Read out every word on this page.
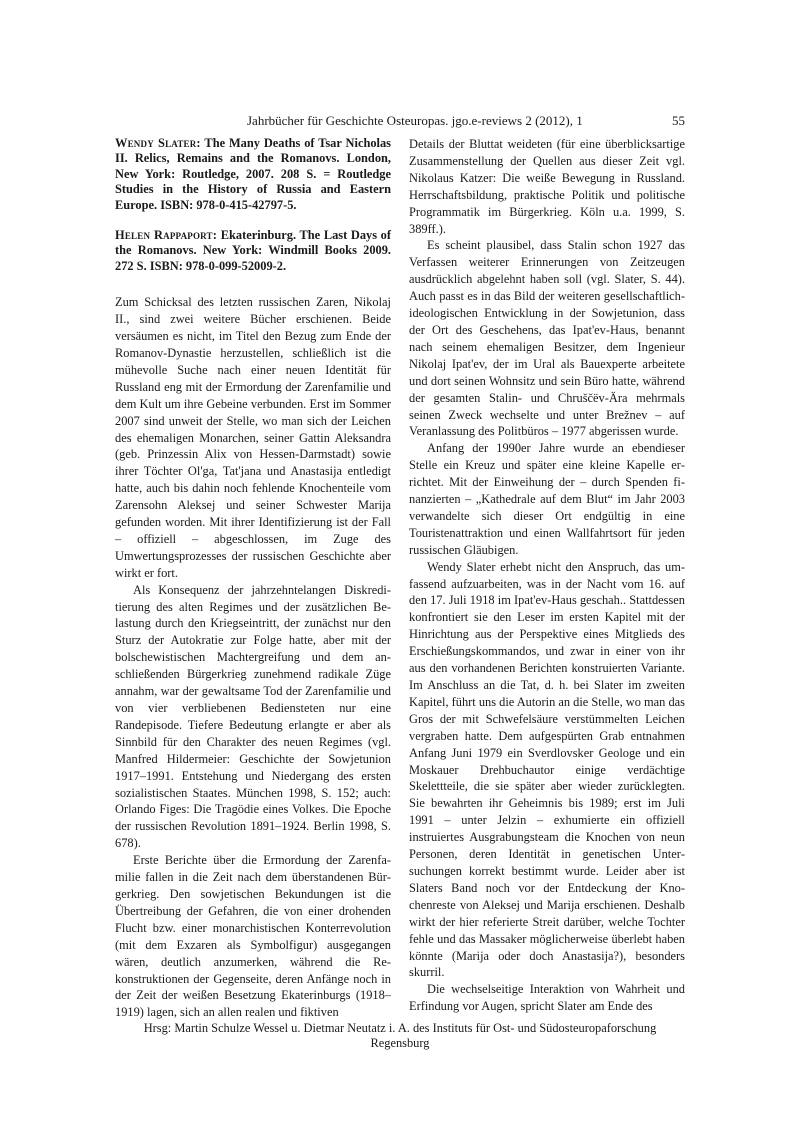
Jahrbücher für Geschichte Osteuropas. jgo.e-reviews 2 (2012), 1	55
Wendy Slater: The Many Deaths of Tsar Nicholas II. Relics, Remains and the Romanovs. London, New York: Routledge, 2007. 208 S. = Routledge Studies in the History of Russia and Eastern Europe. ISBN: 978-0-415-42797-5.
Helen Rappaport: Ekaterinburg. The Last Days of the Romanovs. New York: Windmill Books 2009. 272 S. ISBN: 978-0-099-52009-2.

Zum Schicksal des letzten russischen Zaren, Nikolaj II., sind zwei weitere Bücher erschienen. Beide versäumen es nicht, im Titel den Bezug zum Ende der Romanov-Dynastie herzustellen, schließlich ist die mühevolle Suche nach einer neuen Identität für Russland eng mit der Ermordung der Zarenfamilie und dem Kult um ihre Gebeine verbunden. Erst im Sommer 2007 sind unweit der Stelle, wo man sich der Leichen des ehemaligen Monarchen, seiner Gattin Aleksandra (geb. Prinzessin Alix von Hessen-Darmstadt) sowie ihrer Töchter Ol'ga, Tat'jana und Anastasija entledigt hatte, auch bis dahin noch fehlende Knochenteile vom Zarensohn Aleksej und seiner Schwester Marija gefunden worden. Mit ihrer Identifizierung ist der Fall – offiziell – abgeschlossen, im Zuge des Umwertungsprozesses der russischen Geschichte aber wirkt er fort.

Als Konsequenz der jahrzehntelangen Diskreditierung des alten Regimes und der zusätzlichen Belastung durch den Kriegseintritt, der zunächst nur den Sturz der Autokratie zur Folge hatte, aber mit der bolschewistischen Machtergreifung und dem anschließenden Bürgerkrieg zunehmend radikale Züge annahm, war der gewaltsame Tod der Zarenfamilie und von vier verbliebenen Bediensteten nur eine Randepisode. Tiefere Bedeutung erlangte er aber als Sinnbild für den Charakter des neuen Regimes (vgl. Manfred Hildermeier: Geschichte der Sowjetunion 1917–1991. Entstehung und Niedergang des ersten sozialistischen Staates. München 1998, S. 152; auch: Orlando Figes: Die Tragödie eines Volkes. Die Epoche der russischen Revolution 1891–1924. Berlin 1998, S. 678).

Erste Berichte über die Ermordung der Zarenfamilie fallen in die Zeit nach dem überstandenen Bürgerkrieg. Den sowjetischen Bekundungen ist die Übertreibung der Gefahren, die von einer drohenden Flucht bzw. einer monarchistischen Konterrevolution (mit dem Exzaren als Symbolfigur) ausgegangen wären, deutlich anzumerken, während die Rekonstruktionen der Gegenseite, deren Anfänge noch in der Zeit der weißen Besetzung Ekaterinburgs (1918–1919) lagen, sich an allen realen und fiktiven

Details der Bluttat weideten (für eine überblicksartige Zusammenstellung der Quellen aus dieser Zeit vgl. Nikolaus Katzer: Die weiße Bewegung in Russland. Herrschaftsbildung, praktische Politik und politische Programmatik im Bürgerkrieg. Köln u.a. 1999, S. 389ff.).

Es scheint plausibel, dass Stalin schon 1927 das Verfassen weiterer Erinnerungen von Zeitzeugen ausdrücklich abgelehnt haben soll (vgl. Slater, S. 44). Auch passt es in das Bild der weiteren gesellschaftlich-ideologischen Entwicklung in der Sowjetunion, dass der Ort des Geschehens, das Ipat'ev-Haus, benannt nach seinem ehemaligen Besitzer, dem Ingenieur Nikolaj Ipat'ev, der im Ural als Bauexperte arbeitete und dort seinen Wohnsitz und sein Büro hatte, während der gesamten Stalin- und Chruščëv-Ära mehrmals seinen Zweck wechselte und unter Brežnev – auf Veranlassung des Politbüros – 1977 abgerissen wurde.

Anfang der 1990er Jahre wurde an ebendieser Stelle ein Kreuz und später eine kleine Kapelle errichtet. Mit der Einweihung der – durch Spenden finanzierten – „Kathedrale auf dem Blut“ im Jahr 2003 verwandelte sich dieser Ort endgültig in eine Touristenattraktion und einen Wallfahrtsort für jeden russischen Gläubigen.

Wendy Slater erhebt nicht den Anspruch, das umfassend aufzuarbeiten, was in der Nacht vom 16. auf den 17. Juli 1918 im Ipat'ev-Haus geschah.. Stattdessen konfrontiert sie den Leser im ersten Kapitel mit der Hinrichtung aus der Perspektive eines Mitglieds des Erschießungskommandos, und zwar in einer von ihr aus den vorhandenen Berichten konstruierten Variante. Im Anschluss an die Tat, d. h. bei Slater im zweiten Kapitel, führt uns die Autorin an die Stelle, wo man das Gros der mit Schwefelsäure verstümmelten Leichen vergraben hatte. Dem aufgespürten Grab entnahmen Anfang Juni 1979 ein Sverdlovsker Geologe und ein Moskauer Drehbuchautor einige verdächtige Skelettteile, die sie später aber wieder zurücklegten. Sie bewahrten ihr Geheimnis bis 1989; erst im Juli 1991 – unter Jelzin – exhumierte ein offiziell instruiertes Ausgrabungsteam die Knochen von neun Personen, deren Identität in genetischen Untersuchungen korrekt bestimmt wurde. Leider aber ist Slaters Band noch vor der Entdeckung der Knochenreste von Aleksej und Marija erschienen. Deshalb wirkt der hier referierte Streit darüber, welche Tochter fehle und das Massaker möglicherweise überlebt haben könnte (Marija oder doch Anastasija?), besonders skurril.

Die wechselseitige Interaktion von Wahrheit und Erfindung vor Augen, spricht Slater am Ende des

Hrsg: Martin Schulze Wessel u. Dietmar Neutatz i. A. des Instituts für Ost- und Südosteuropaforschung Regensburg
